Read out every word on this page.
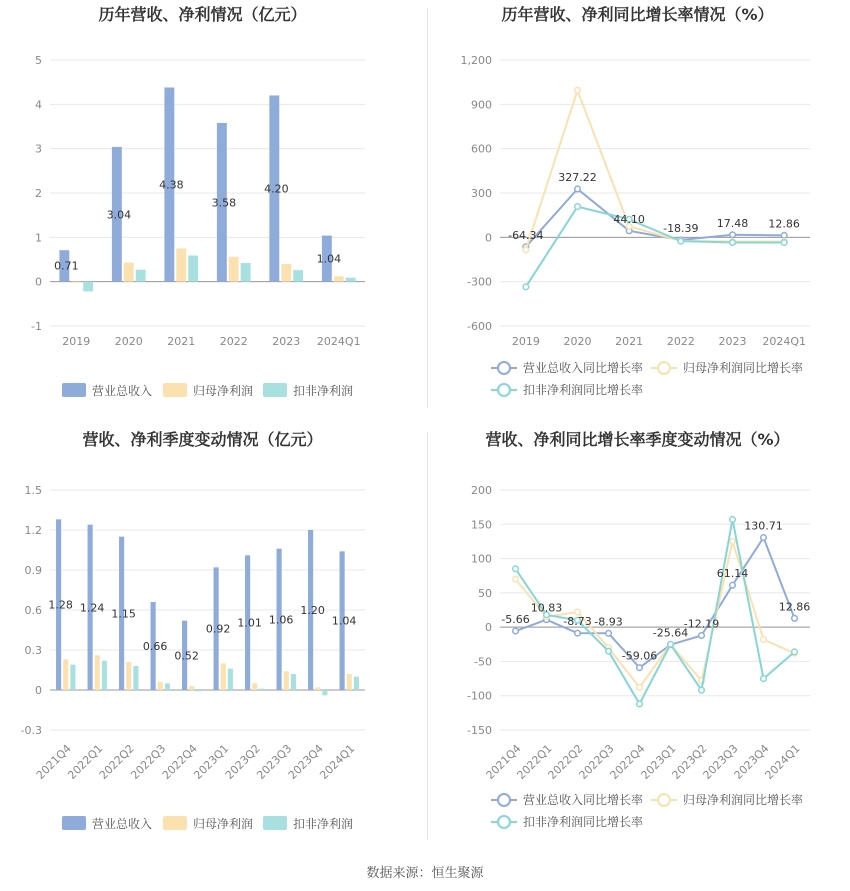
历年营收、净利情况（亿元）
5
4
3
2
1
0
-1
2019 2020 2021 2022 2023 2024Q1
0.71
3.04
4.38
3.58
4.20
1.04
营业总收入	归母净利润	扣非净利润
历年营收、净利同比增长率情况（%）
1,200
900
600
300
0
-300
-600
2019 2020 2021 2022 2023 2024Q1
-64.34
327.22
44.10
-18.39 17.48 12.86
营业总收入同比增长率	归母净利润同比增长率
扣非净利润同比增长率
营收、净利季度变动情况（亿元）
1.5
1.2
0.9
0.6
0.3
0
-0.3
2021Q4
2022Q1
2022Q2
2022Q3
2022Q4
2023Q1
2023Q2
2023Q3
2023Q4
2024Q1
1.28 1.24 1.15
0.66
0.52
0.92 1.01 1.06
1.20
1.04
营业总收入	归母净利润	扣非净利润
营收、净利同比增长率季度变动情况（%）
200
150
100
50
0
-50
-100
-150
2021Q4
2022Q1
2022Q2
2022Q3
2022Q4
2023Q1
2023Q2
2023Q3
2023Q4
2024Q1
-5.66
10.83
-8.73 -8.93
-59.06
-25.64
-12.19
61.14
130.71
12.86
营业总收入同比增长率	归母净利润同比增长率
扣非净利润同比增长率
数据来源：恒生聚源
